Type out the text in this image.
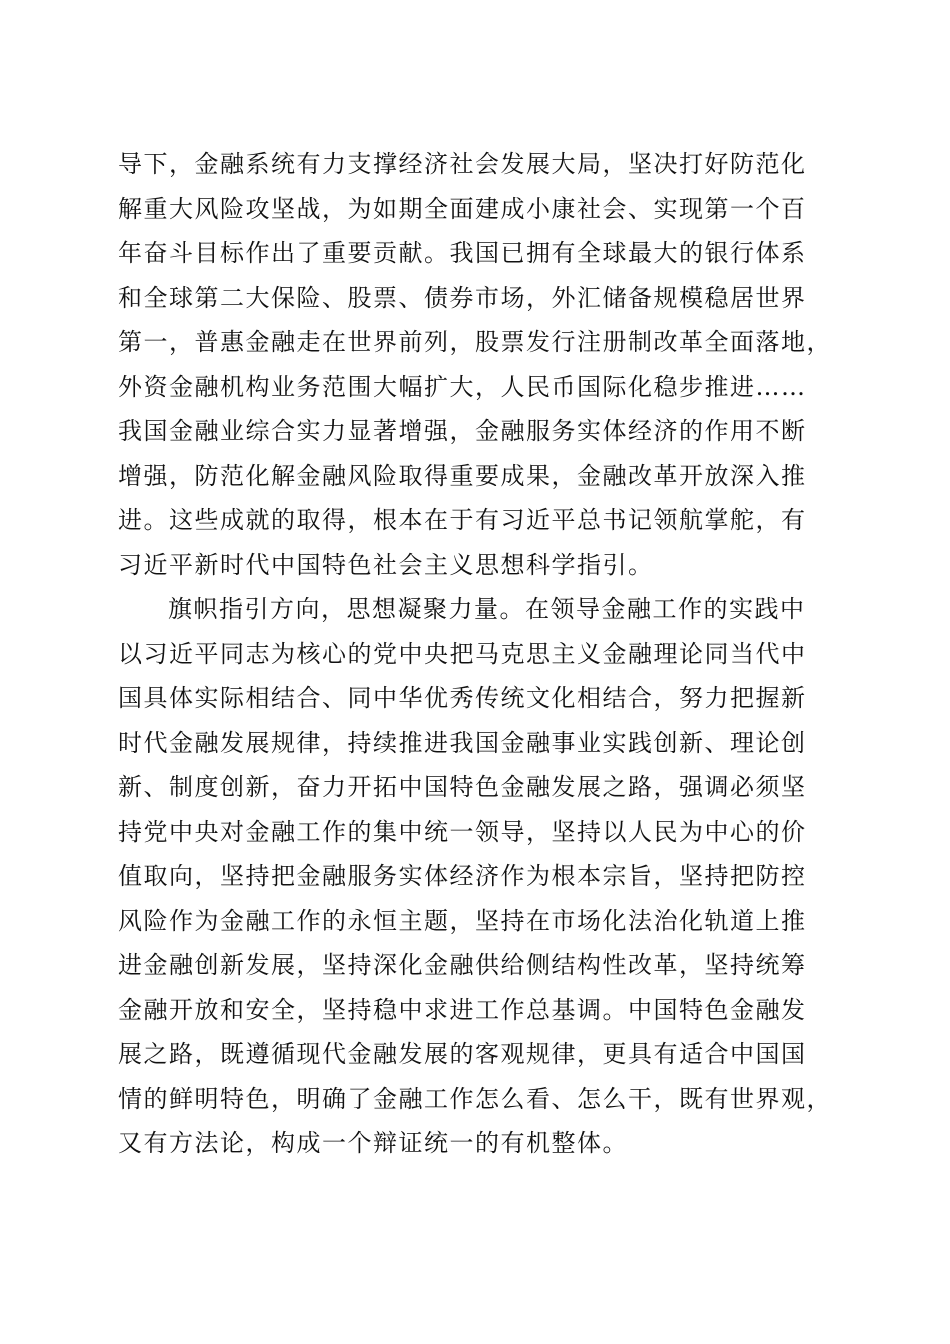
导下，金融系统有力支撑经济社会发展大局，坚决打好防范化
解重大风险攻坚战，为如期全面建成小康社会、实现第一个百
年奋斗目标作出了重要贡献。我国已拥有全球最大的银行体系
和全球第二大保险、股票、债券市场，外汇储备规模稳居世界
第一，普惠金融走在世界前列，股票发行注册制改革全面落地，
外资金融机构业务范围大幅扩大，人民币国际化稳步推进……
我国金融业综合实力显著增强，金融服务实体经济的作用不断
增强，防范化解金融风险取得重要成果，金融改革开放深入推
进。这些成就的取得，根本在于有习近平总书记领航掌舵，有
习近平新时代中国特色社会主义思想科学指引。
旗帜指引方向，思想凝聚力量。在领导金融工作的实践中
以习近平同志为核心的党中央把马克思主义金融理论同当代中
国具体实际相结合、同中华优秀传统文化相结合，努力把握新
时代金融发展规律，持续推进我国金融事业实践创新、理论创
新、制度创新，奋力开拓中国特色金融发展之路，强调必须坚
持党中央对金融工作的集中统一领导，坚持以人民为中心的价
值取向，坚持把金融服务实体经济作为根本宗旨，坚持把防控
风险作为金融工作的永恒主题，坚持在市场化法治化轨道上推
进金融创新发展，坚持深化金融供给侧结构性改革，坚持统筹
金融开放和安全，坚持稳中求进工作总基调。中国特色金融发
展之路，既遵循现代金融发展的客观规律，更具有适合中国国
情的鲜明特色，明确了金融工作怎么看、怎么干，既有世界观，
又有方法论，构成一个辩证统一的有机整体。
